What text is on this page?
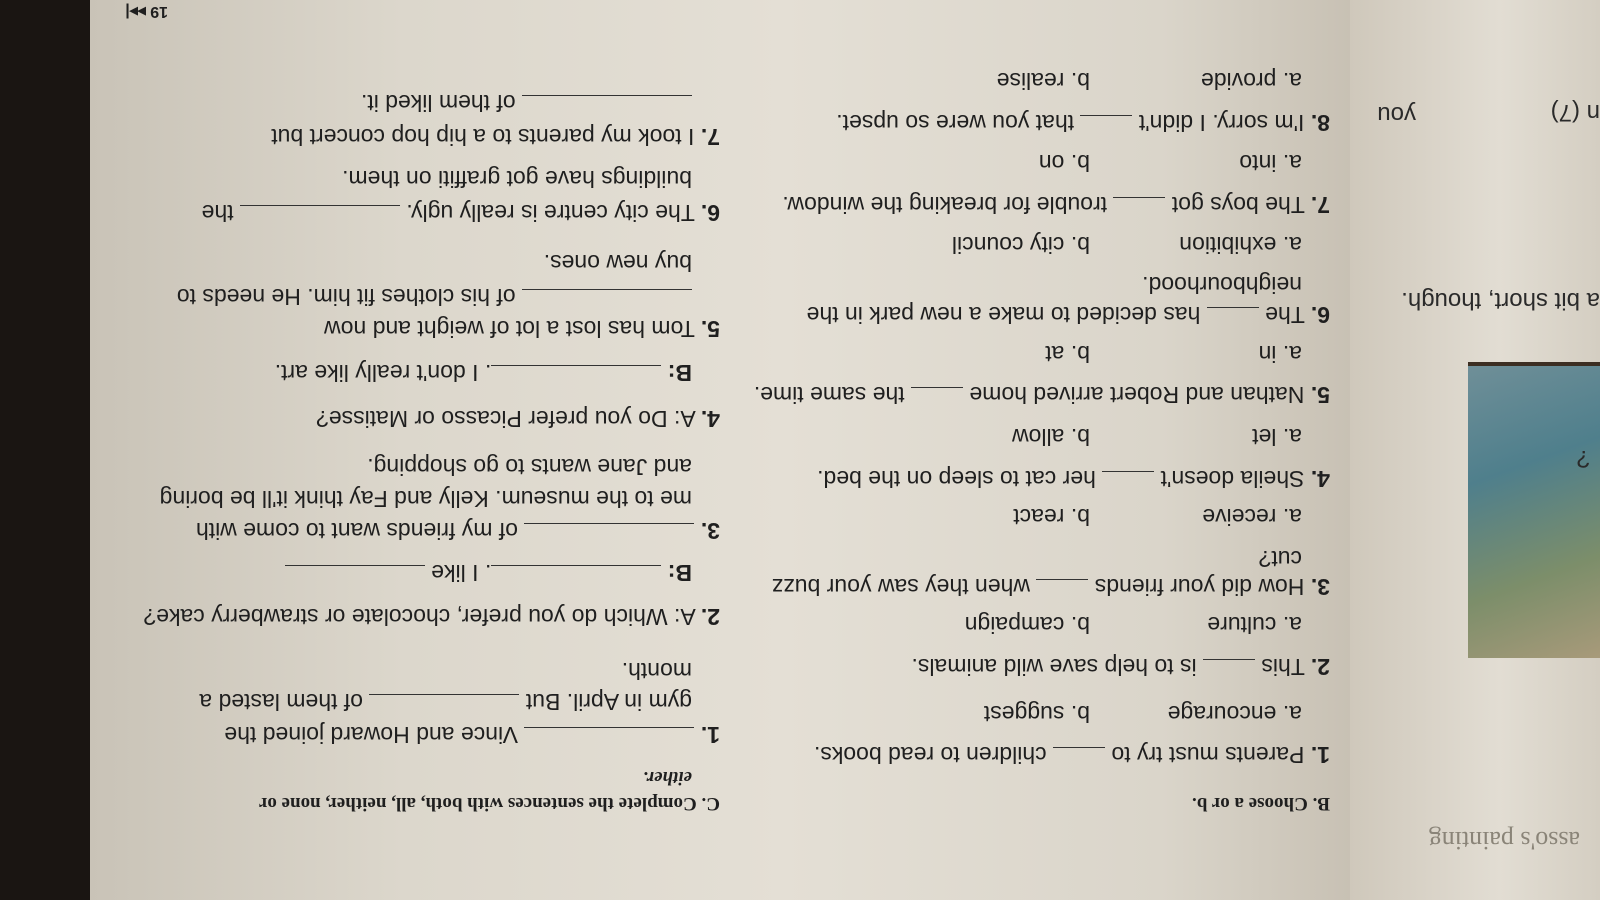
19 ▸▸|
asso's painting
a bit short, though.
?
n (7)
you
B. Choose a or b.
1. Parents must try to  children to read books.
a. encourage
b. suggest
2. This  is to help save wild animals.
a. culture
b. campaign
3. How did your friends  when they saw your buzz
cut?
a. receive
b. react
4. Sheila doesn't  her cat to sleep on the bed.
a. let
b. allow
5. Nathan and Robert arrived home  the same time.
a. in
b. at
6. The  has decided to make a new park in the
neighbourhood.
a. exhibition
b. city council
7. The boys got  trouble for breaking the window.
a. into
b. on
8. I'm sorry. I didn't  that you were so upset.
a. provide
b. realise
C. Complete the sentences with both, all, neither, none or
either.
1.  Vince and Howard joined the
gym in April. But  of them lasted a
month.
2. A: Which do you prefer, chocolate or strawberry cake?
B: . I like
3.  of my friends want to come with
me to the museum. Kelly and Fay think it'll be boring
and Jane wants to go shopping.
4. A: Do you prefer Picasso or Matisse?
B: . I don't really like art.
5. Tom has lost a lot of weight and now
of his clothes fit him. He needs to
buy new ones.
6. The city centre is really ugly.  the
buildings have got graffiti on them.
7. I took my parents to a hip hop concert but
of them liked it.
